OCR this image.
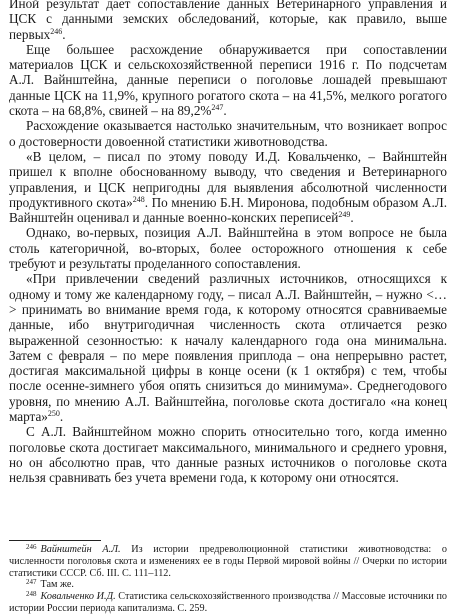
Иной результат дает сопоставление данных Ветеринарного управления и ЦСК с данными земских обследований, которые, как правило, выше первых$^{246}$.

Еще большее расхождение обнаруживается при сопоставлении материалов ЦСК и сельскохозяйственной переписи 1916 г. По подсчетам А.Л. Вайнштейна, данные переписи о поголовье лошадей превышают данные ЦСК на 11,9%, крупного рогатого скота – на 41,5%, мелкого рогатого скота – на 68,8%, свиней – на 89,2%$^{247}$.

Расхождение оказывается настолько значительным, что возникает вопрос о достоверности довоенной статистики животноводства.

«В целом, – писал по этому поводу И.Д. Ковальченко, – Вайнштейн пришел к вполне обоснованному выводу, что сведения и Ветеринарного управления, и ЦСК непригодны для выявления абсолютной численности продуктивного скота»$^{248}$. По мнению Б.Н. Миронова, подобным образом А.Л. Вайнштейн оценивал и данные военно-конских переписей$^{249}$.

Однако, во-первых, позиция А.Л. Вайнштейна в этом вопросе не была столь категоричной, во-вторых, более осторожного отношения к себе требуют и результаты проделанного сопоставления.

«При привлечении сведений различных источников, относящихся к одному и тому же календарному году, – писал А.Л. Вайнштейн, – нужно <…> принимать во внимание время года, к которому относятся сравниваемые данные, ибо внутригодичная численность скота отличается резко выраженной сезонностью: к началу календарного года она минимальна. Затем с февраля – по мере появления приплода – она непрерывно растет, достигая максимальной цифры в конце осени (к 1 октября) с тем, чтобы после осенне-зимнего убоя опять снизиться до минимума». Среднегодового уровня, по мнению А.Л. Вайнштейна, поголовье скота достигало «на конец марта»$^{250}$.

С А.Л. Вайнштейном можно спорить относительно того, когда именно поголовье скота достигает максимального, минимального и среднего уровня, но он абсолютно прав, что данные разных источников о поголовье скота нельзя сравнивать без учета времени года, к которому они относятся.

$^{246}$ Вайнштейн А.Л. Из истории предреволюционной статистики животноводства: о численности поголовья скота и изменениях ее в годы Первой мировой войны // Очерки по истории статистики СССР. Сб. III. С. 111–112.

$^{247}$ Там же.

$^{248}$ Ковальченко И.Д. Статистика сельскохозяйственного производства // Массовые источники по истории России периода капитализма. С. 259.
